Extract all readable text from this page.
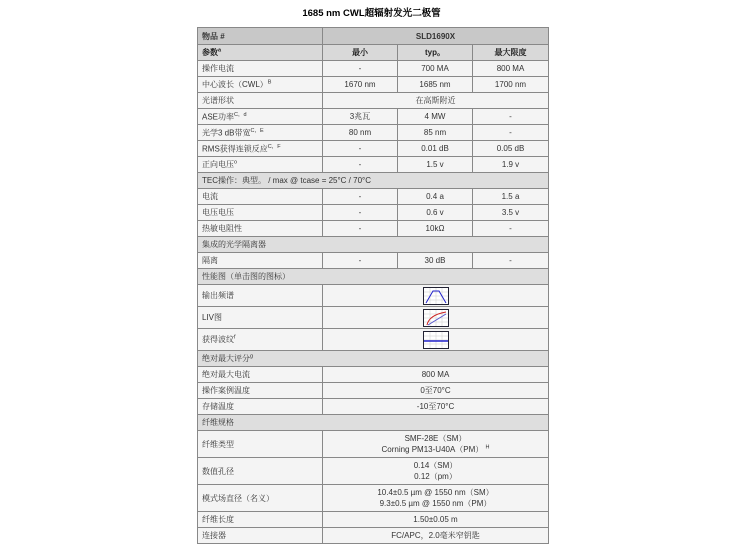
1685 nm CWL超辐射发光二极管
物品 #	SLD1690X		
参数$^a$	最小	typ。	最大限度
操作电流	-	700 MA	800 MA
中心波长（CWL）$^B$	1670 nm	1685 nm	1700 nm
光谱形状	在高斯附近		
ASE功率$^{C,d}$	3兆瓦	4 MW	-
光学3 dB带宽$^{C,E}$	80 nm	85 nm	-
RMS获得连锁反应$^{C,F}$	-	0.01 dB	0.05 dB
正向电压$^o$	-	1.5 v	1.9 v
TEC操作：典型。 / max @ tcase = 25°C / 70°C			
电流	-	0.4 a	1.5 a
电压电压	-	0.6 v	3.5 v
热敏电阻性	-	10kΩ	-
集成的光学隔离器			
隔离	-	30 dB	-
性能图（单击图的图标）			
输出频谱	
LIV图	
获得波纹$^f$	
绝对最大评分$^g$
绝对最大电流	800 MA		
操作案例温度	0至70°C		
存储温度	-10至70°C		
纤维规格			
纤维类型	SMF-28E（SM）
Corning PM13-U40A（PM） $^H$

数值孔径	0.14（SM）
0.12（pm）		

模式场直径（名义）	10.4±0.5 µm @ 1550 nm（SM）
9.3±0.5 µm @ 1550 nm（PM）		

纤维长度	1.50±0.05 m		
连接器	FC/APC，2.0毫米窄钥匙		
